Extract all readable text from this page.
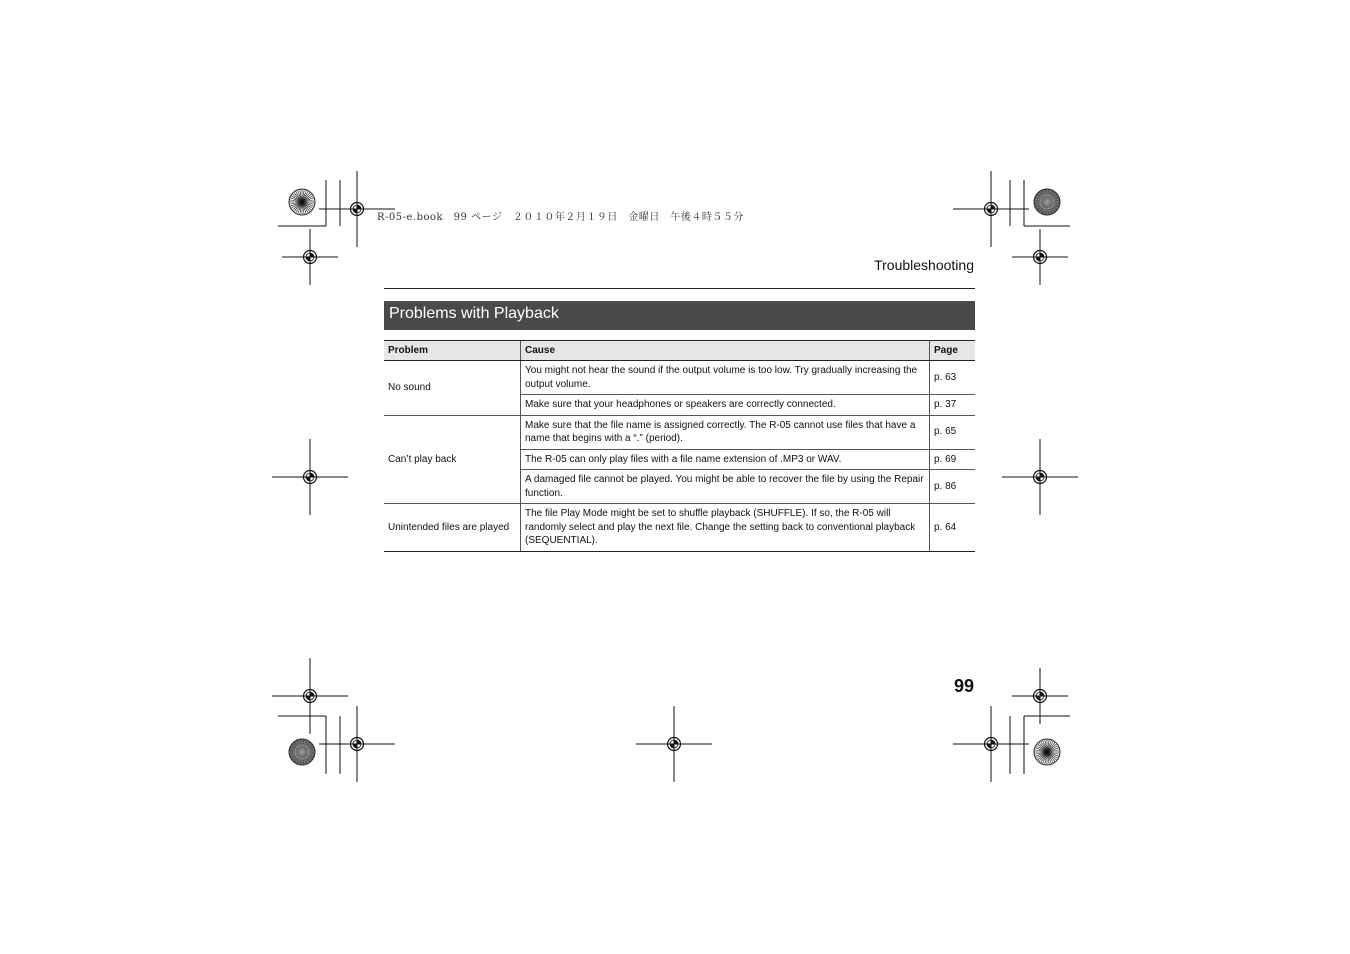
R-05-e.book　99 ページ　２０１０年２月１９日　金曜日　午後４時５５分
Troubleshooting
Problems with Playback
Problem	Cause	Page
No sound	You might not hear the sound if the output volume is too low. Try gradually increasing the output volume.	p. 63
	Make sure that your headphones or speakers are correctly connected.	p. 37
Can’t play back	Make sure that the file name is assigned correctly. The R-05 cannot use files that have a name that begins with a “.” (period).	p. 65
	The R-05 can only play files with a file name extension of .MP3 or WAV.	p. 69
	A damaged file cannot be played. You might be able to recover the file by using the Repair function.	p. 86
Unintended files are played	The file Play Mode might be set to shuffle playback (SHUFFLE). If so, the R-05 will randomly select and play the next file. Change the setting back to conventional playback (SEQUENTIAL).	p. 64
99
